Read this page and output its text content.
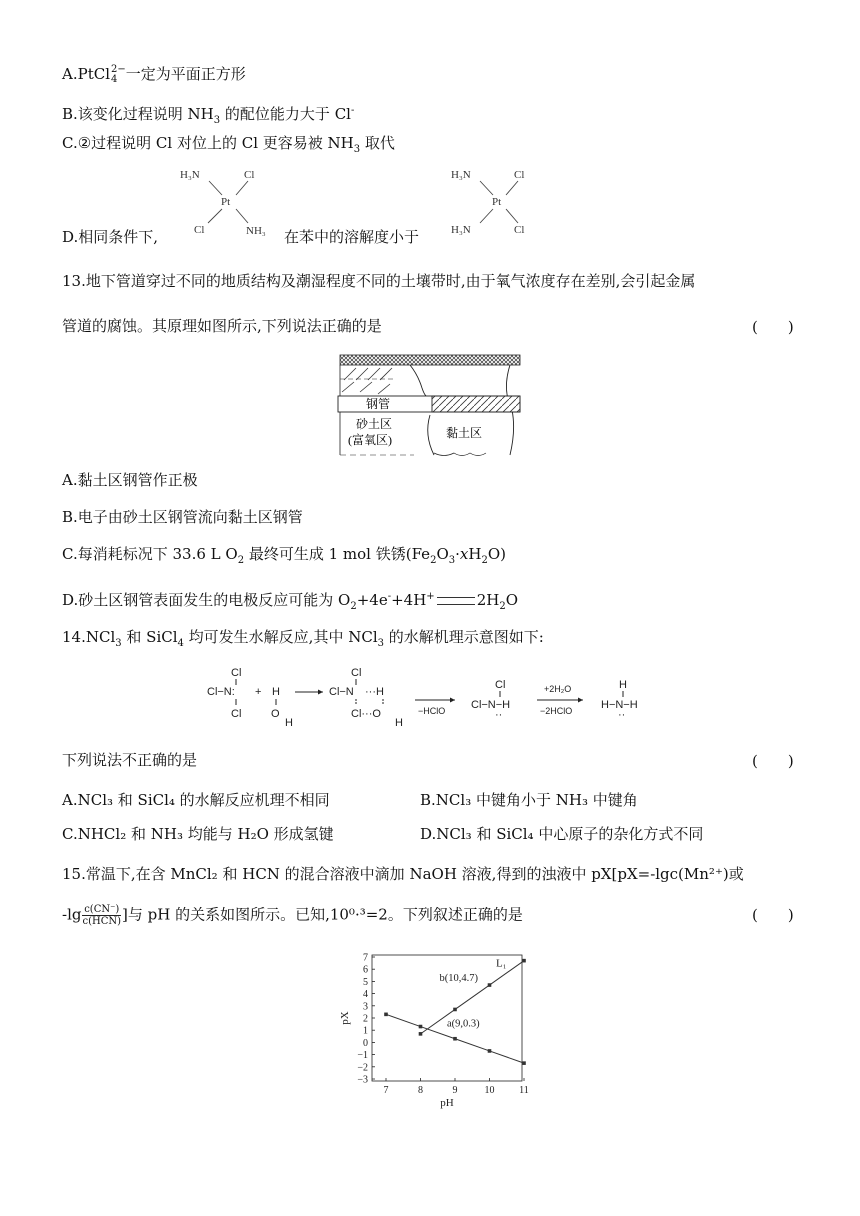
A.PtCl 2−
4 一定为平面正方形
B.该变化过程说明 $NH_3$ 的配位能力大于 Cl-
C.②过程说明 Cl 对位上的 Cl 更容易被 $NH_3$ 取代
D.相同条件下,	在苯中的溶解度小于
H₃N	Cl
Pt
Cl	NH₃
H₃N	Cl
Pt
H₃N	Cl
13.地下管道穿过不同的地质结构及潮湿程度不同的土壤带时,由于氧气浓度存在差别,会引起金属
管道的腐蚀。其原理如图所示,下列说法正确的是	(　　)
钢管
砂土区
(富氧区)	黏土区
A.黏土区钢管作正极
B.电子由砂土区钢管流向黏土区钢管
C.每消耗标况下 33.6 L $O_2$ 最终可生成 1 mol 铁锈$(Fe_2O_3\cdot xH_2O)$
D.砂土区钢管表面发生的电极反应可能为 $O_2+4e^-+4H^+$	$2H_2O$
14.NCl$_3$ 和 SiCl$_4$ 均可发生水解反应,其中 NCl$_3$ 的水解机理示意图如下:
Cl
Cl−N:
Cl
+ H
O
H
Cl
Cl−N ···H
Cl···O
H
−HClO
Cl
Cl−N−H
··
+2H₂O
−2HClO
H
H−N−H
··
下列说法不正确的是	(　　)
A.NCl₃ 和 SiCl₄ 的水解反应机理不相同	B.NCl₃ 中键角小于 NH₃ 中键角
C.NHCl₂ 和 NH₃ 均能与 H₂O 形成氢键	D.NCl₃ 和 SiCl₄ 中心原子的杂化方式不同
15.常温下,在含 MnCl₂ 和 HCN 的混合溶液中滴加 NaOH 溶液,得到的浊液中 pX[pX=-lgc(Mn²⁺)或
-lg c(CN⁻)
c(HCN) ]与 pH 的关系如图所示。已知,10⁰·³=2。下列叙述正确的是	(　　)
7	8	9	10 11
7
6
5
4
3
2
1
0
−1
−2
−3
pH
pX
L₁
b(10,4.7)
a(9,0.3)
